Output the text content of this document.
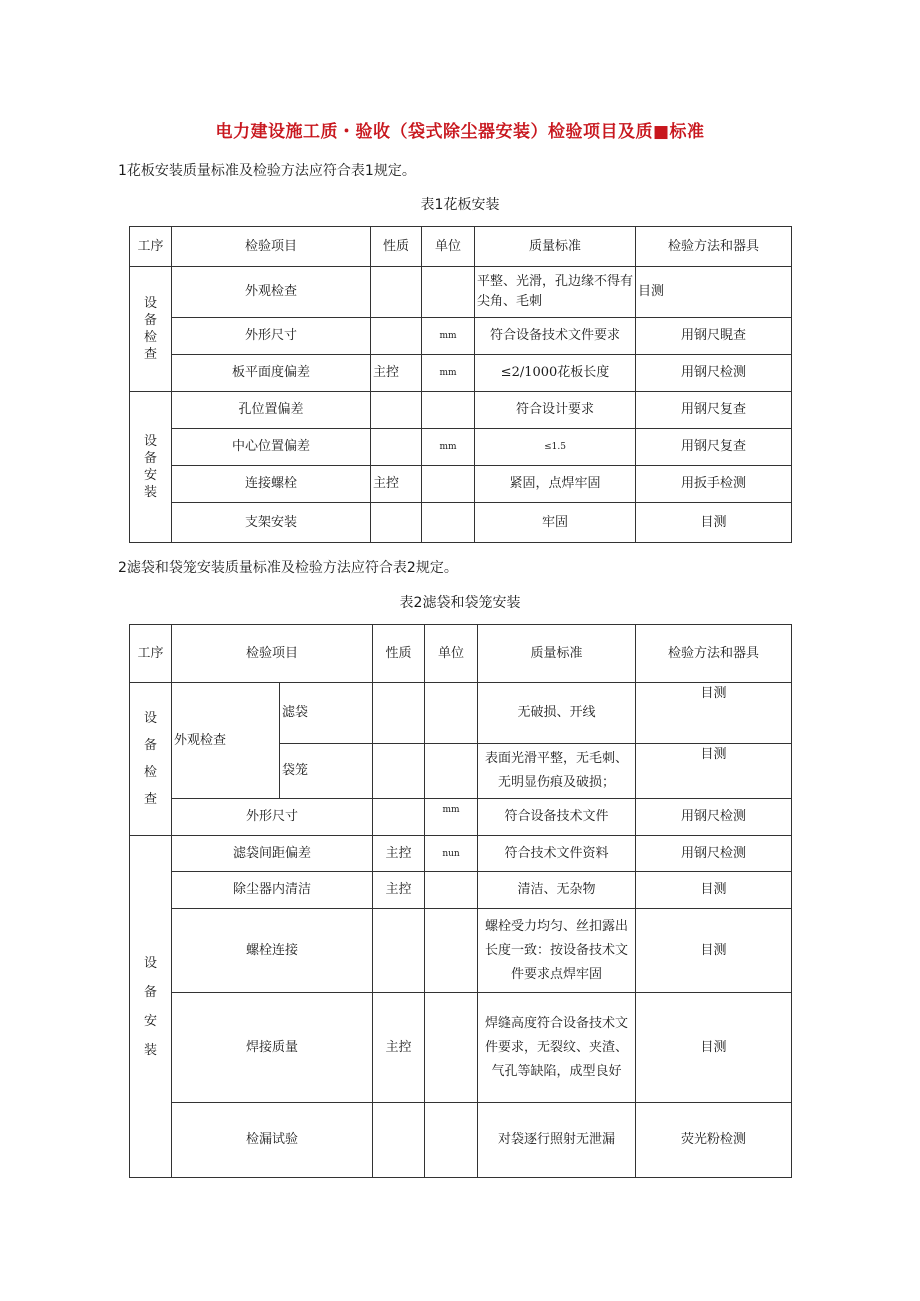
电力建设施工质・验收（袋式除尘器安装）检验项目及质■标准
1花板安装质量标准及检验方法应符合表1规定。
表1花板安装
工序	检验项目	性质	单位	质量标准	检验方法和器具
设备检查	外观检查			平整、光滑，孔边缘不得有尖角、毛刺	目测
	外形尺寸		mm	符合设备技术文件要求	用钢尺睍查
	板平面度偏差	主控	mm	≤2/1000花板长度	用钢尺检测
设备安装	孔位置偏差			符合设计要求	用钢尺复查
	中心位置偏差		mm	≤1.5	用钢尺复查
	连接螺栓	主控		紧固，点焊牢固	用扳手检测
	支架安装			牢固	目测
2滤袋和袋笼安装质量标准及检验方法应符合表2规定。
表2滤袋和袋笼安装
工序	检验项目		性质	单位	质量标准	检验方法和器具
设备检查	外观检查	滤袋			无破损、开线	目测
		袋笼			表面光滑平整，无毛刺、无明显伤痕及破损；	目测
	外形尺寸			mm	符合设备技术文件	用钢尺检测
设备安装	滤袋间距偏差		主控	nun	符合技术文件资料	用钢尺检测
	除尘器内清洁		主控		清洁、无杂物	目测
	螺栓连接				螺栓受力均匀、丝扣露出长度一致：按设备技术文件要求点焊牢固	目测
	焊接质量		主控		焊缝高度符合设备技术文件要求，无裂纹、夹渣、气孔等缺陷，成型良好	目测
	检漏试验				对袋逐行照射无泄漏	荧光粉检测
